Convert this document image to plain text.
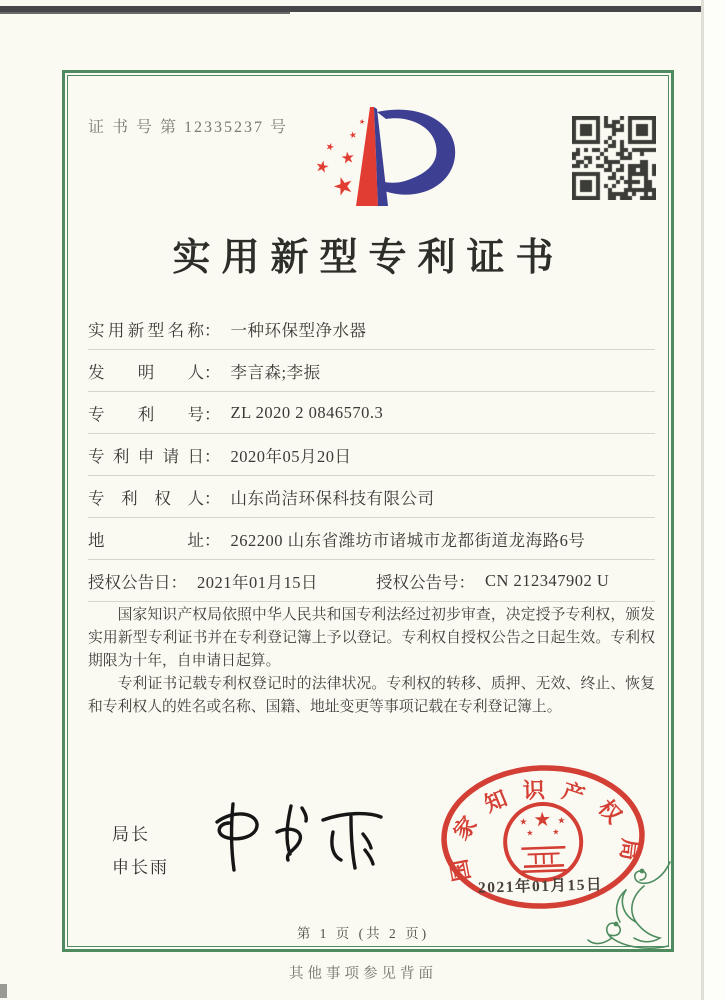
证 书 号 第 12335237 号
★
★ ★
★
★
★
实用新型专利证书
实用新型名称 ： 一种环保型净水器
发明人 ： 李言森;李振
专利号 ： ZL 2020 2 0846570.3
专利申请日 ： 2020年05月20日
专利权人 ： 山东尚洁环保科技有限公司
地址 ： 262200 山东省潍坊市诸城市龙都街道龙海路6号
授权公告日 ： 2021年01月15日	授权公告号 ： CN 212347902 U

国家知识产权局依照中华人民共和国专利法经过初步审查，决定授予专利权，颁发实用新型专利证书并在专利登记簿上予以登记。专利权自授权公告之日起生效。专利权期限为十年，自申请日起算。

专利证书记载专利权登记时的法律状况。专利权的转移、质押、无效、终止、恢复和专利权人的姓名或名称、国籍、地址变更等事项记载在专利登记簿上。

局长
申长雨	国家知识产权局
★
★	★
★ ★
2021年01月15日
第 1 页 (共 2 页)
其他事项参见背面
